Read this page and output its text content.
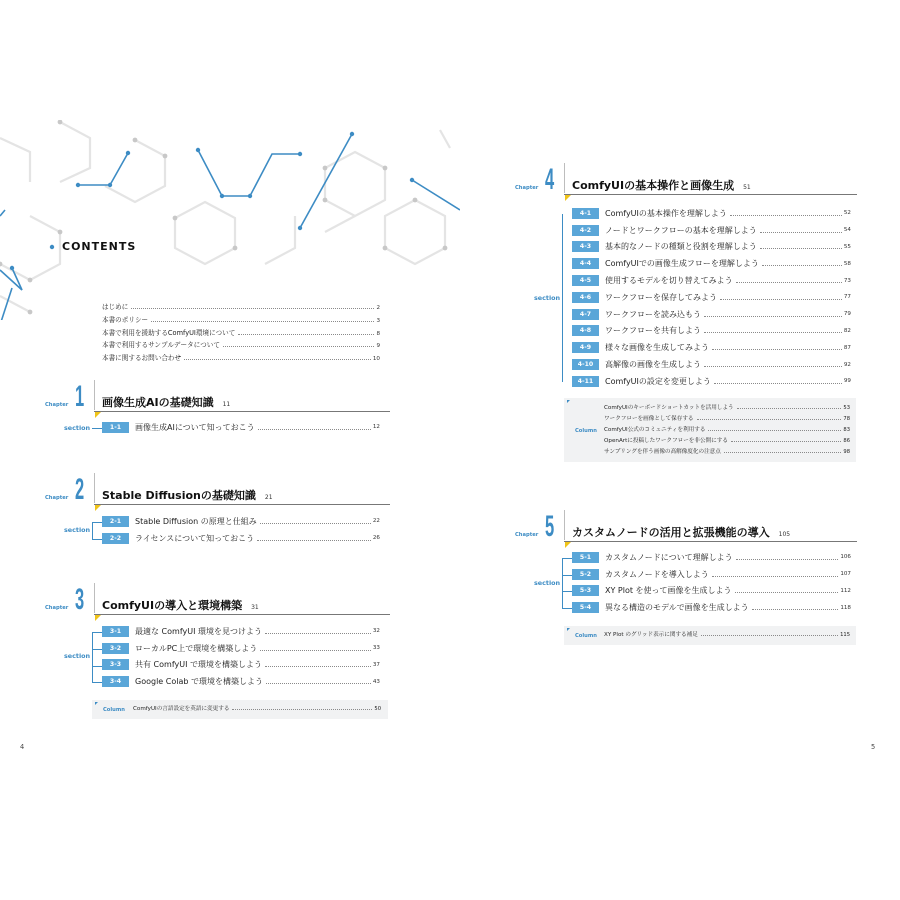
CONTENTS
はじめに	2
本書のポリシー	3
本書で利用を援助するComfyUI環境について	8
本書で利用するサンプルデータについて	9
本書に関するお問い合わせ	10
Chapter 1 画像生成AIの基礎知識 11
section	1-1	画像生成AIについて知っておこう	12
Chapter 2 Stable Diffusionの基礎知識 21
section
2-1	Stable Diffusion の原理と仕組み	22
2-2	ライセンスについて知っておこう	26
Chapter 3 ComfyUIの導入と環境構築 31
section
3-1	最適な ComfyUI 環境を見つけよう	32
3-2	ローカルPC上で環境を構築しよう	33
3-3	共有 ComfyUI で環境を構築しよう	37
3-4	Google Colab で環境を構築しよう	43
Column ComfyUIの言語設定を英語に変更する	50
Chapter 4 ComfyUIの基本操作と画像生成 51
section
4-1	ComfyUIの基本操作を理解しよう	52
4-2	ノードとワークフローの基本を理解しよう	54
4-3	基本的なノードの種類と役割を理解しよう	55
4-4	ComfyUIでの画像生成フローを理解しよう	58
4-5	使用するモデルを切り替えてみよう	73
4-6	ワークフローを保存してみよう	77
4-7	ワークフローを読み込もう	79
4-8	ワークフローを共有しよう	82
4-9	様々な画像を生成してみよう	87
4-10	高解像の画像を生成しよう	92
4-11	ComfyUIの設定を変更しよう	99
Column
ComfyUIのキーボードショートカットを活用しよう	53
ワークフローを画像として保存する	78
ComfyUI公式のコミュニティを利用する	83
OpenArtに投稿したワークフローを非公開にする	86
サンプリングを伴う画像の高解像度化の注意点	98
Chapter 5 カスタムノードの活用と拡張機能の導入 105
section
5-1	カスタムノードについて理解しよう	106
5-2	カスタムノードを導入しよう	107
5-3	XY Plot を使って画像を生成しよう	112
5-4	異なる構造のモデルで画像を生成しよう	118
Column XY Plot のグリッド表示に関する補足	115
4	5
